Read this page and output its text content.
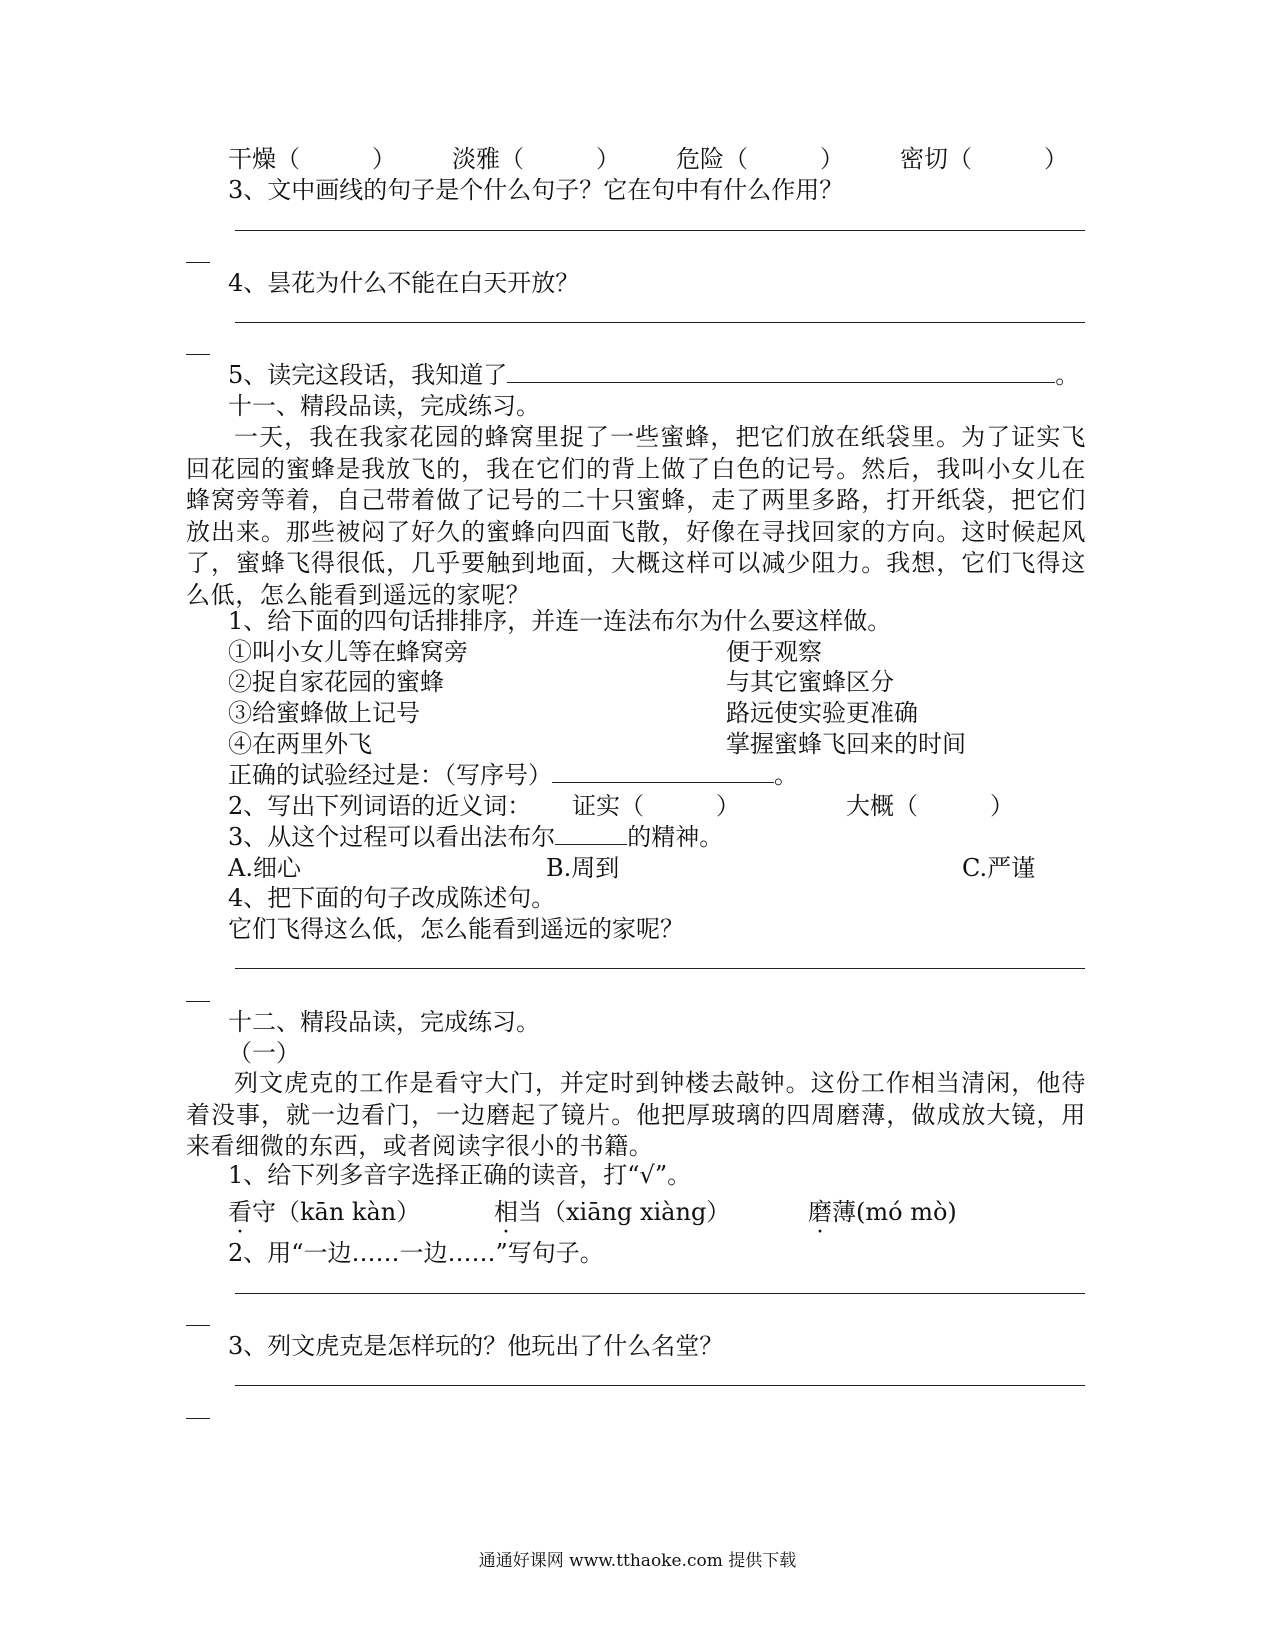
干燥（　　　） 淡雅（　　　） 危险（　　　） 密切（　　　）
3、文中画线的句子是个什么句子？它在句中有什么作用？
4、昙花为什么不能在白天开放？
5、读完这段话，我知道了	。
十一、精段品读，完成练习。
一天，我在我家花园的蜂窝里捉了一些蜜蜂，把它们放在纸袋里。为了证实飞回花园的蜜蜂是我放飞的，我在它们的背上做了白色的记号。然后，我叫小女儿在蜂窝旁等着，自己带着做了记号的二十只蜜蜂，走了两里多路，打开纸袋，把它们放出来。那些被闷了好久的蜜蜂向四面飞散，好像在寻找回家的方向。这时候起风了，蜜蜂飞得很低，几乎要触到地面，大概这样可以减少阻力。我想，它们飞得这么低，怎么能看到遥远的家呢？
1、给下面的四句话排排序，并连一连法布尔为什么要这样做。
①叫小女儿等在蜂窝旁	便于观察
②捉自家花园的蜜蜂	与其它蜜蜂区分
③给蜜蜂做上记号	路远使实验更准确
④在两里外飞	掌握蜜蜂飞回来的时间
正确的试验经过是：（写序号）	。
2、写出下列词语的近义词： 证实（　　　）	大概（　　　）
3、从这个过程可以看出法布尔	的精神。
A.细心	B.周到	C.严谨
4、把下面的句子改成陈述句。
它们飞得这么低，怎么能看到遥远的家呢？
十二、精段品读，完成练习。
（一）
列文虎克的工作是看守大门，并定时到钟楼去敲钟。这份工作相当清闲，他待着没事，就一边看门，一边磨起了镜片。他把厚玻璃的四周磨薄，做成放大镜，用来看细微的东西，或者阅读字很小的书籍。
1、给下列多音字选择正确的读音，打“√”。
看守（kān kàn）	相当（xiāng xiàng）	磨薄(mó mò)
2、用“一边……一边……”写句子。
3、列文虎克是怎样玩的？他玩出了什么名堂？
通通好课网 www.tthaoke.com 提供下载
